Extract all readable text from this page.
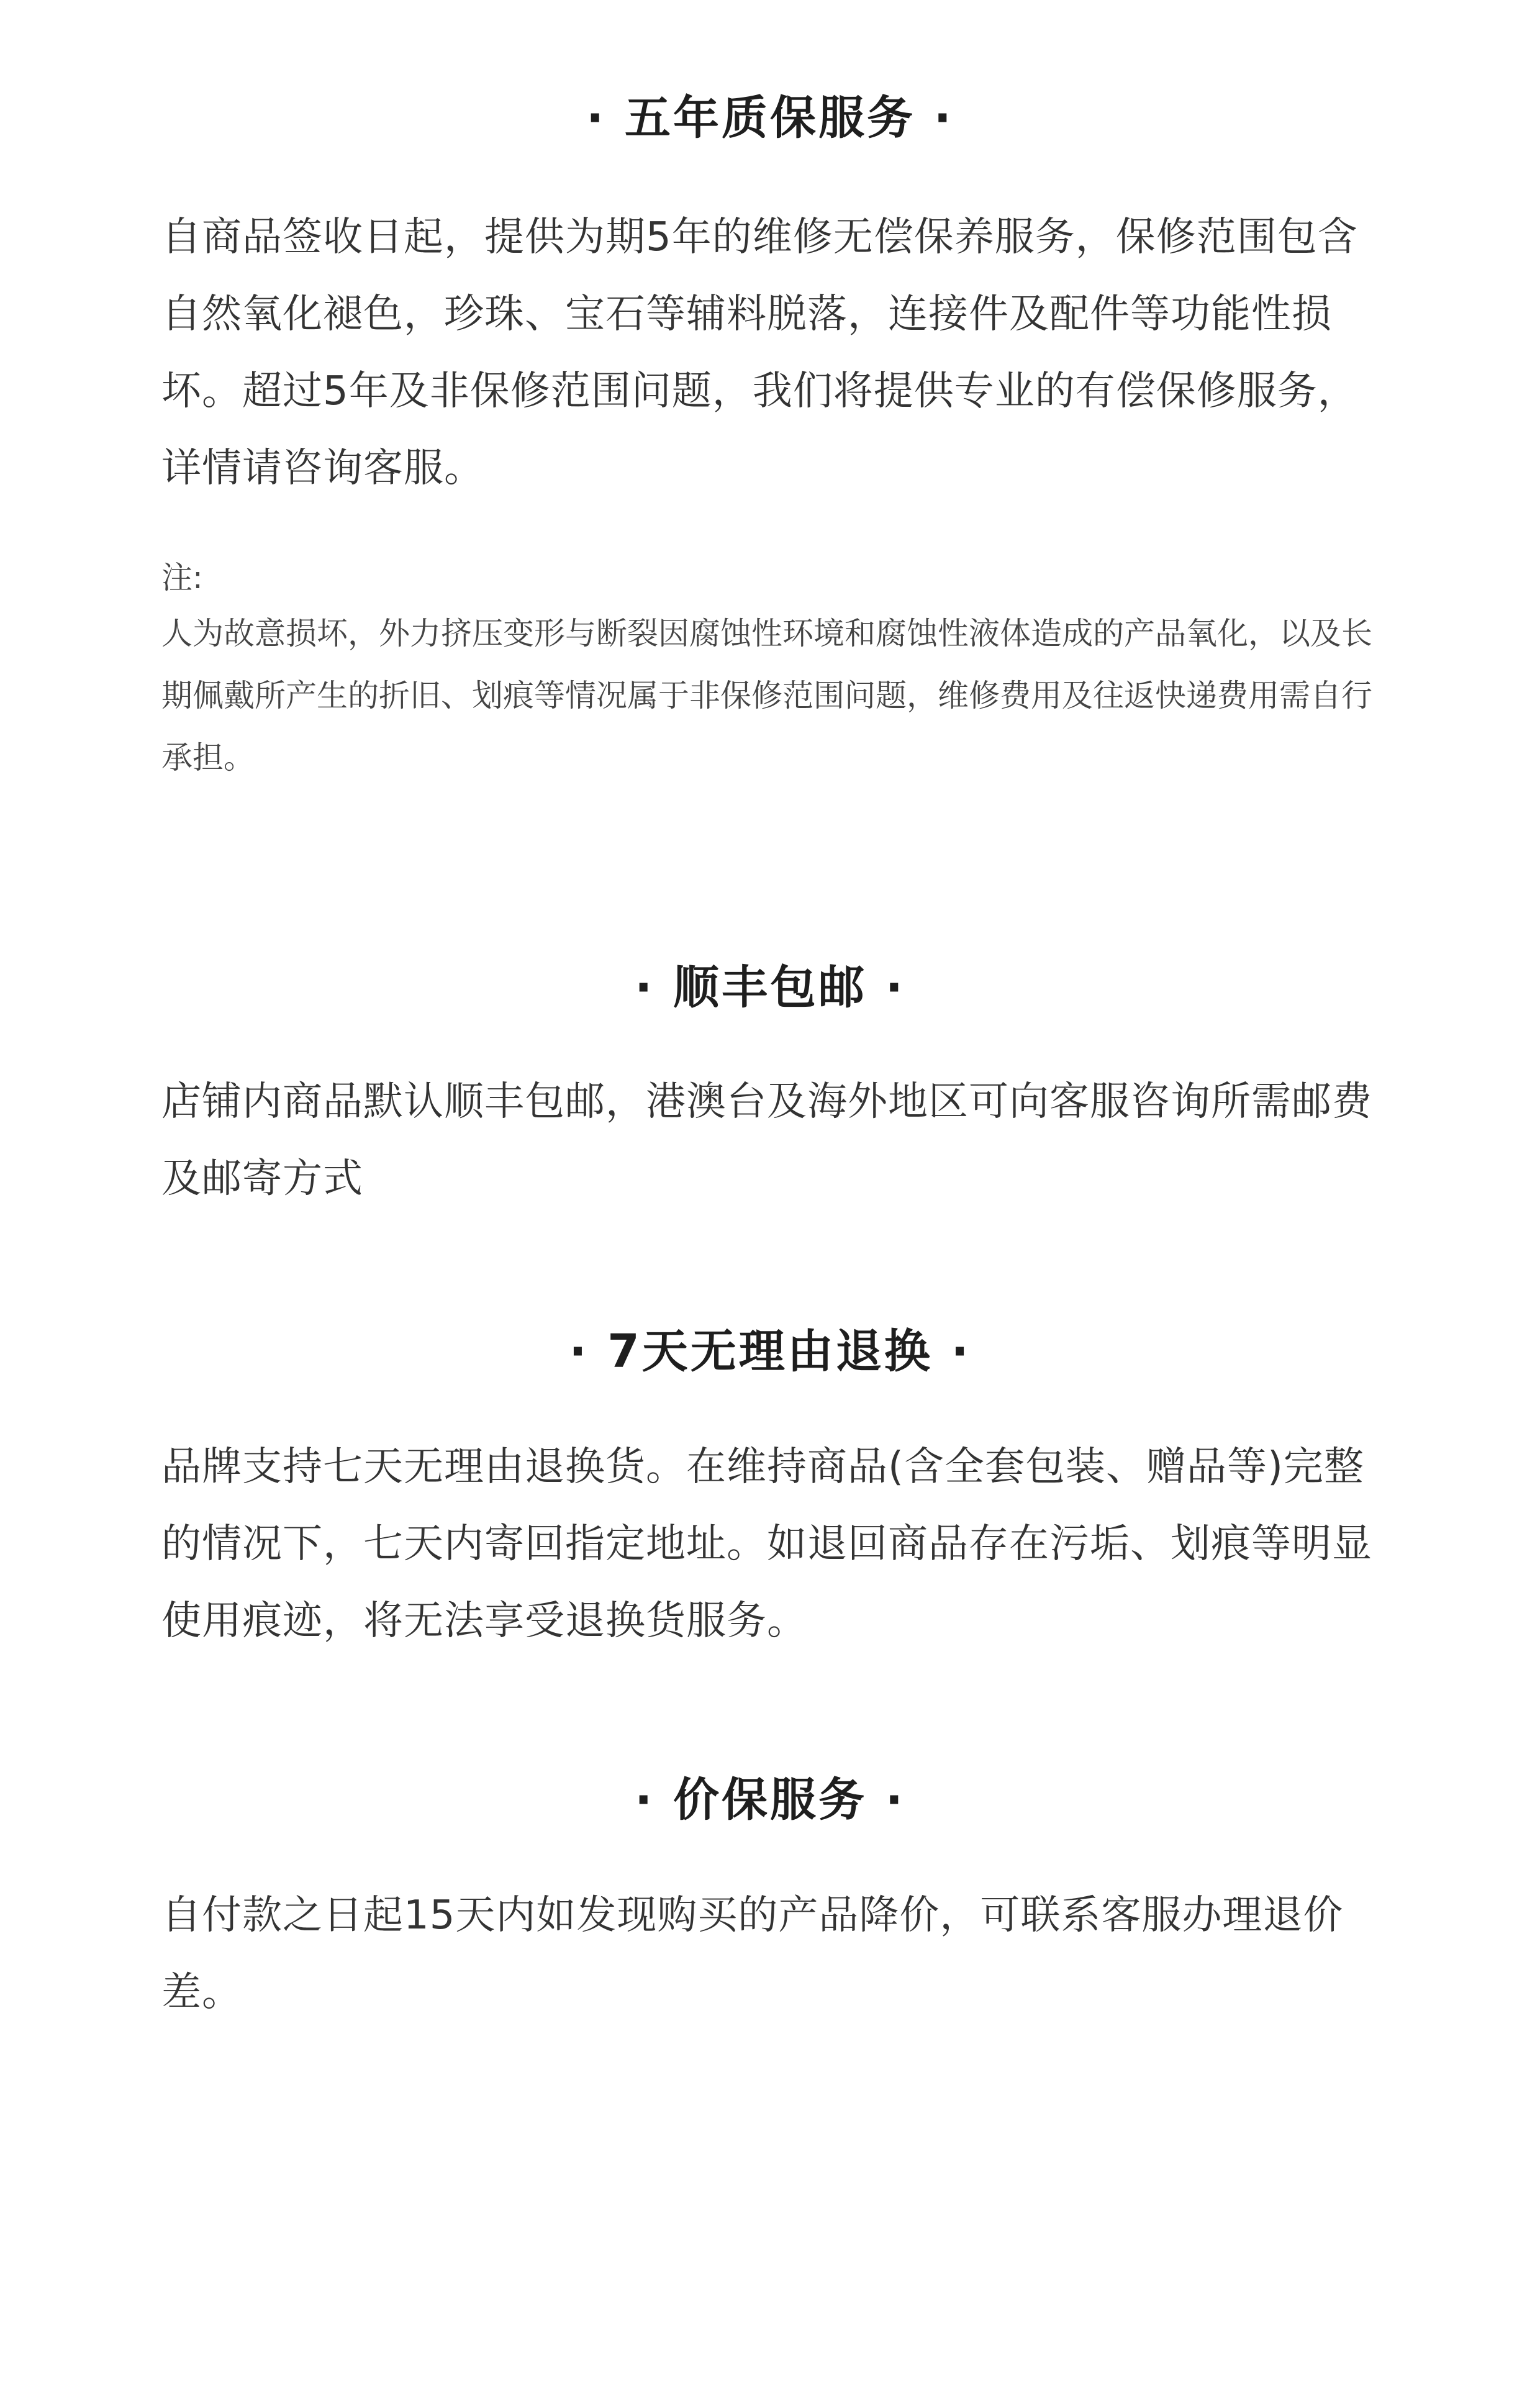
· 五年质保服务 ·

自商品签收日起，提供为期5年的维修无偿保养服务，保修范围包含自然氧化褪色，珍珠、宝石等辅料脱落，连接件及配件等功能性损坏。超过5年及非保修范围问题，我们将提供专业的有偿保修服务，详情请咨询客服。

注:

人为故意损坏，外力挤压变形与断裂因腐蚀性环境和腐蚀性液体造成的产品氧化，以及长期佩戴所产生的折旧、划痕等情况属于非保修范围问题，维修费用及往返快递费用需自行承担。

· 顺丰包邮 ·

店铺内商品默认顺丰包邮，港澳台及海外地区可向客服咨询所需邮费及邮寄方式

· 7天无理由退换 ·

品牌支持七天无理由退换货。在维持商品(含全套包装、赠品等)完整的情况下，七天内寄回指定地址。如退回商品存在污垢、划痕等明显使用痕迹，将无法享受退换货服务。

· 价保服务 ·

自付款之日起15天内如发现购买的产品降价，可联系客服办理退价差。
